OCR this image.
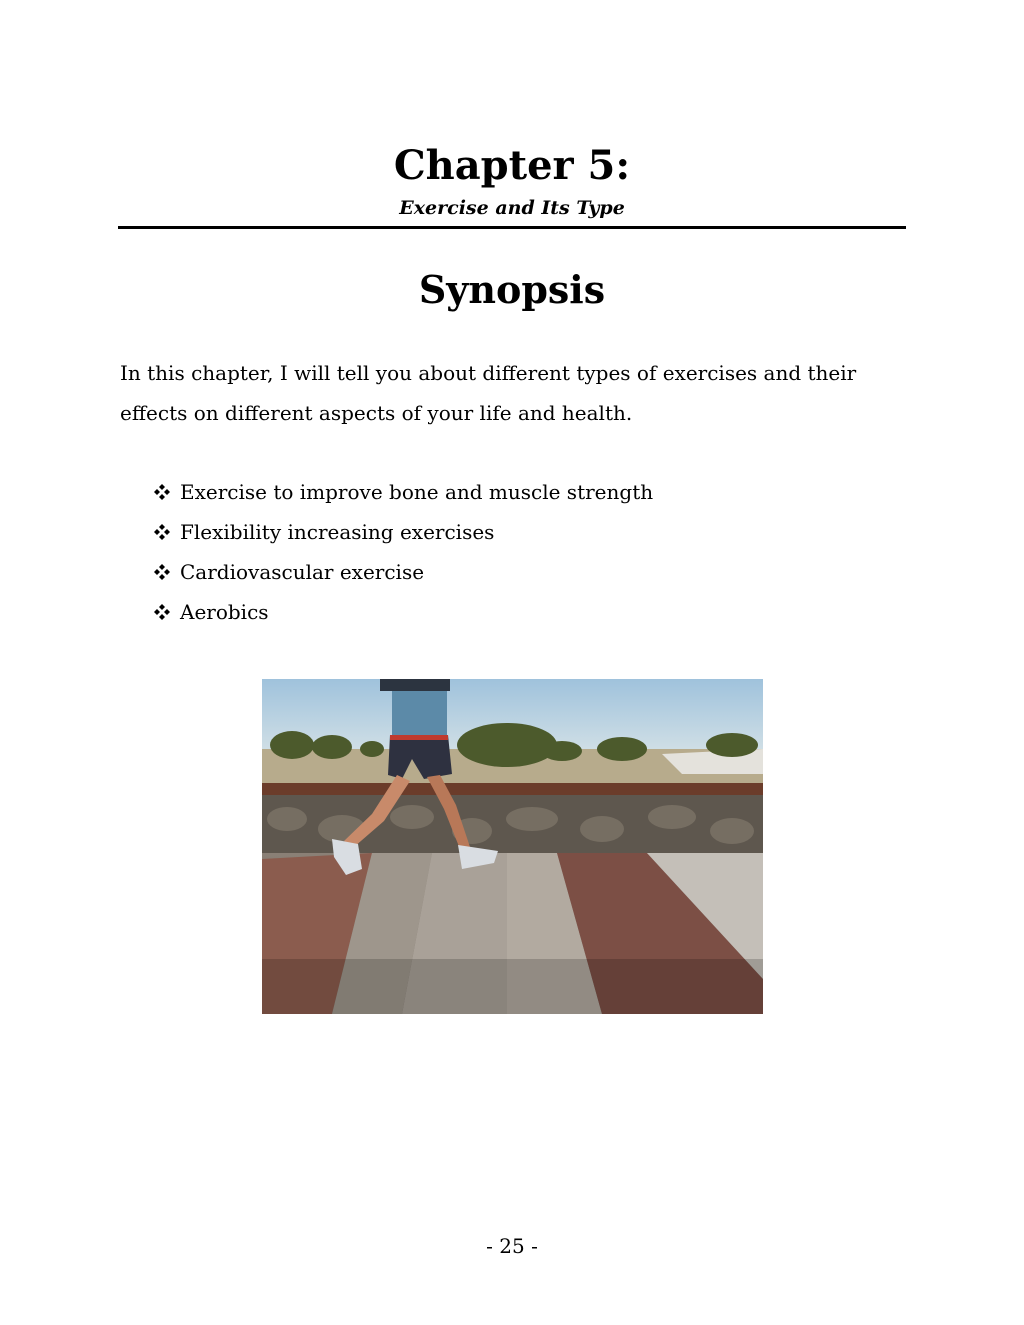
Chapter 5:
Exercise and Its Type
Synopsis

In this chapter, I will tell you about different types of exercises and their effects on different aspects of your life and health.

Exercise to improve bone and muscle strength
Flexibility increasing exercises
Cardiovascular exercise
Aerobics
- 25 -
